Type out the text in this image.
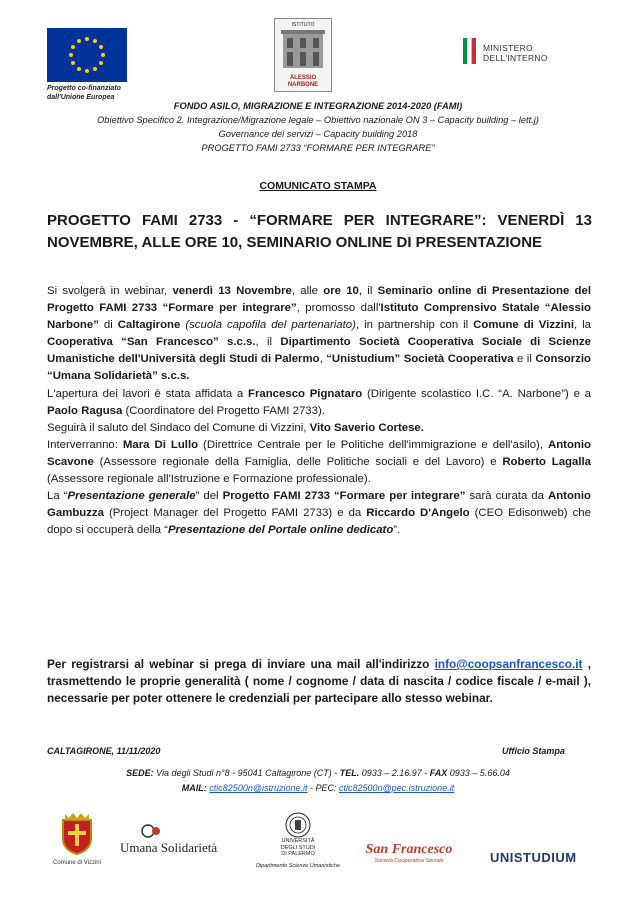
Progetto co-finanziato
dall'Unione Europea
ISTITUTO
ALESSIO
NARBONE
MINISTERO
DELL'INTERNO
FONDO ASILO, MIGRAZIONE E INTEGRAZIONE 2014-2020 (FAMI)
Obiettivo Specifico 2. Integrazione/Migrazione legale – Obiettivo nazionale ON 3 – Capacity building – lett.j)
Governance dei servizi – Capacity building 2018
PROGETTO FAMI 2733 “FORMARE PER INTEGRARE”
COMUNICATO STAMPA
PROGETTO FAMI 2733 - “FORMARE PER INTEGRARE”: VENERDÌ 13 NOVEMBRE, ALLE ORE 10, SEMINARIO ONLINE DI PRESENTAZIONE

Si svolgerà in webinar, venerdì 13 Novembre, alle ore 10, il Seminario online di Presentazione del Progetto FAMI 2733 “Formare per integrare”, promosso dall'Istituto Comprensivo Statale “Alessio Narbone” di Caltagirone (scuola capofila del partenariato), in partnership con il Comune di Vizzini, la Cooperativa “San Francesco” s.c.s., il Dipartimento Società Cooperativa Sociale di Scienze Umanistiche dell'Università degli Studi di Palermo, “Unistudium” Società Cooperativa e il Consorzio “Umana Solidarietà” s.c.s.

L'apertura dei lavori è stata affidata a Francesco Pignataro (Dirigente scolastico I.C. “A. Narbone”) e a Paolo Ragusa (Coordinatore del Progetto FAMI 2733).

Seguirà il saluto del Sindaco del Comune di Vizzini, Vito Saverio Cortese.

Interverranno: Mara Di Lullo (Direttrice Centrale per le Politiche dell'immigrazione e dell'asilo), Antonio Scavone (Assessore regionale della Famiglia, delle Politiche sociali e del Lavoro) e Roberto Lagalla (Assessore regionale all'Istruzione e Formazione professionale).

La “Presentazione generale” del Progetto FAMI 2733 “Formare per integrare” sarà curata da Antonio Gambuzza (Project Manager del Progetto FAMI 2733) e da Riccardo D'Angelo (CEO Edisonweb) che dopo si occuperà della “Presentazione del Portale online dedicato”.

Per registrarsi al webinar si prega di inviare una mail all'indirizzo info@coopsanfrancesco.it , trasmettendo le proprie generalità ( nome / cognome / data di nascita / codice fiscale / e-mail ), necessarie per poter ottenere le credenziali per partecipare allo stesso webinar.
CALTAGIRONE, 11/11/2020	Ufficio Stampa
SEDE: Via degli Studi n°8 - 95041 Caltagirone (CT) - TEL. 0933 – 2.16.97 - FAX 0933 – 5.66.04
MAIL: ctic82500n@istruzione.it - PEC: ctic82500n@pec.istruzione.it
Comune di Vizzini
Umana Solidarietà	UNIVERSITÀ
DEGLI STUDI
DI PALERMO
Dipartimento Scienze Umanistiche
San Francesco
Società Cooperativa Sociale	UNISTUDIUM
